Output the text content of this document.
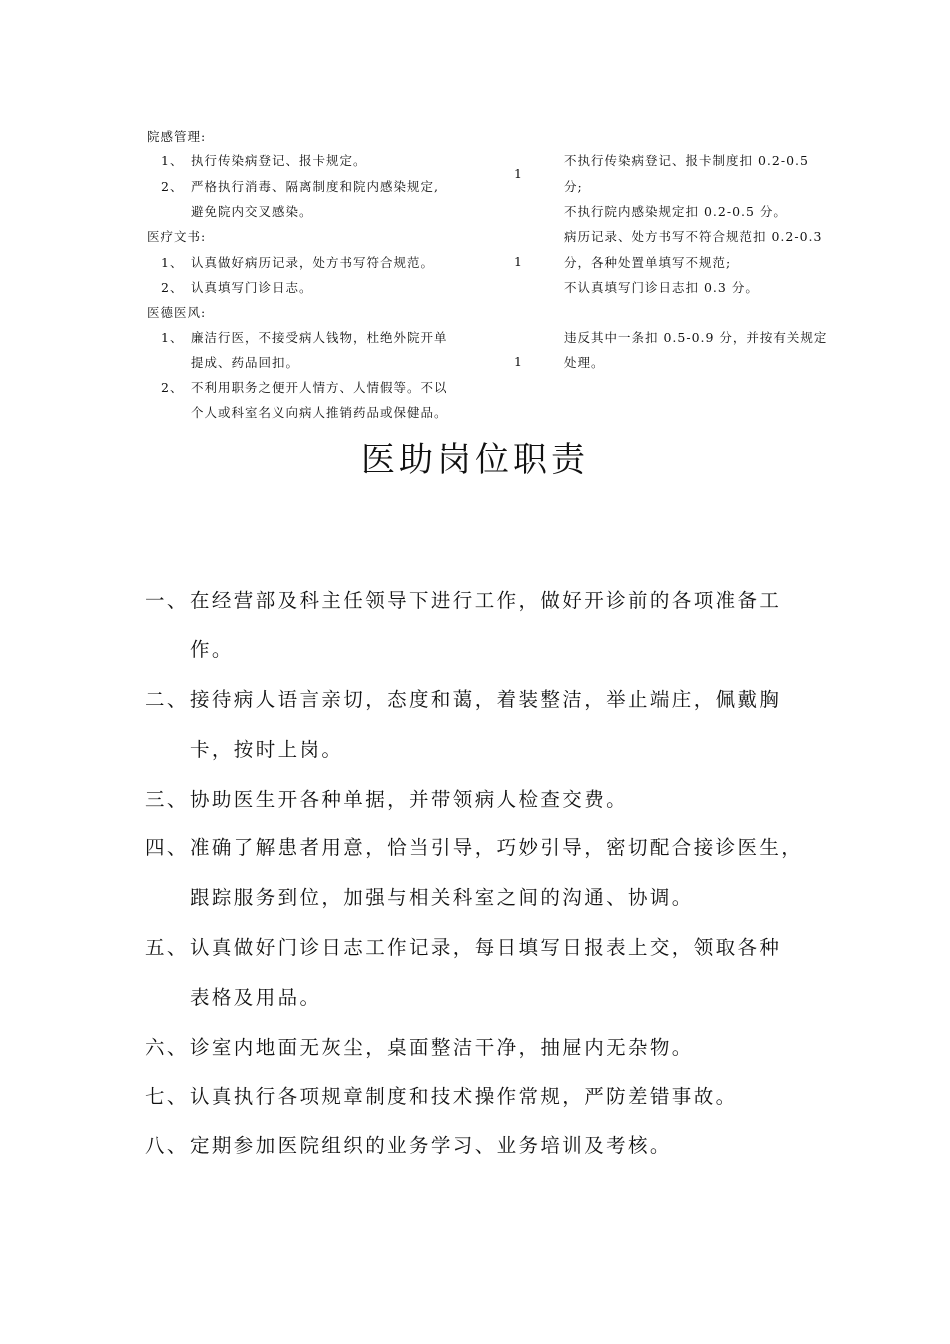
院感管理:
1、 执行传染病登记、报卡规定。
2、 严格执行消毒、隔离制度和院内感染规定,
避免院内交叉感染。
1
不执行传染病登记、报卡制度扣 0.2-0.5
分;
不执行院内感染规定扣 0.2-0.5 分。
医疗文书:
1、 认真做好病历记录，处方书写符合规范。
2、 认真填写门诊日志。
1
病历记录、处方书写不符合规范扣 0.2-0.3
分，各种处置单填写不规范;
不认真填写门诊日志扣 0.3 分。
医德医风:
1、 廉洁行医，不接受病人钱物，杜绝外院开单
提成、药品回扣。
2、 不利用职务之便开人情方、人情假等。不以
个人或科室名义向病人推销药品或保健品。
1
违反其中一条扣 0.5-0.9 分，并按有关规定
处理。
医助岗位职责
一、 在经营部及科主任领导下进行工作，做好开诊前的各项准备工
作。
二、 接待病人语言亲切，态度和蔼，着装整洁，举止端庄，佩戴胸
卡，按时上岗。
三、 协助医生开各种单据，并带领病人检查交费。
四、 准确了解患者用意，恰当引导，巧妙引导，密切配合接诊医生，
跟踪服务到位，加强与相关科室之间的沟通、协调。
五、 认真做好门诊日志工作记录，每日填写日报表上交，领取各种
表格及用品。
六、 诊室内地面无灰尘，桌面整洁干净，抽屉内无杂物。
七、 认真执行各项规章制度和技术操作常规，严防差错事故。
八、 定期参加医院组织的业务学习、业务培训及考核。
